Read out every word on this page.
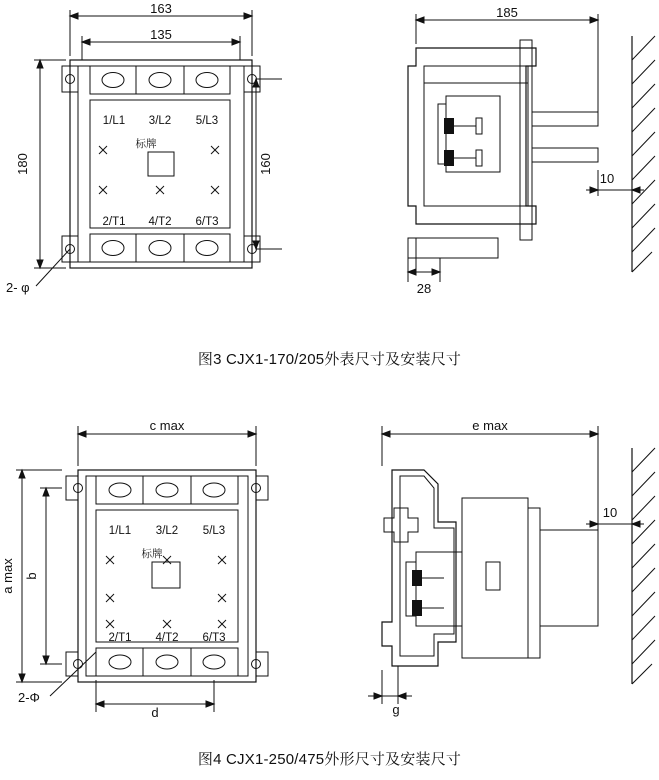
163
135
180	160
2- φ
1/L1 3/L2 5/L3
标牌
2/T1 4/T2 6/T3
185
28
10
图3 CJX1-170/205外表尺寸及安装尺寸
c max
a max b
d
2-Φ
1/L1 3/L2 5/L3
标牌
2/T1 4/T2 6/T3
e max
g
10
图4 CJX1-250/475外形尺寸及安装尺寸
